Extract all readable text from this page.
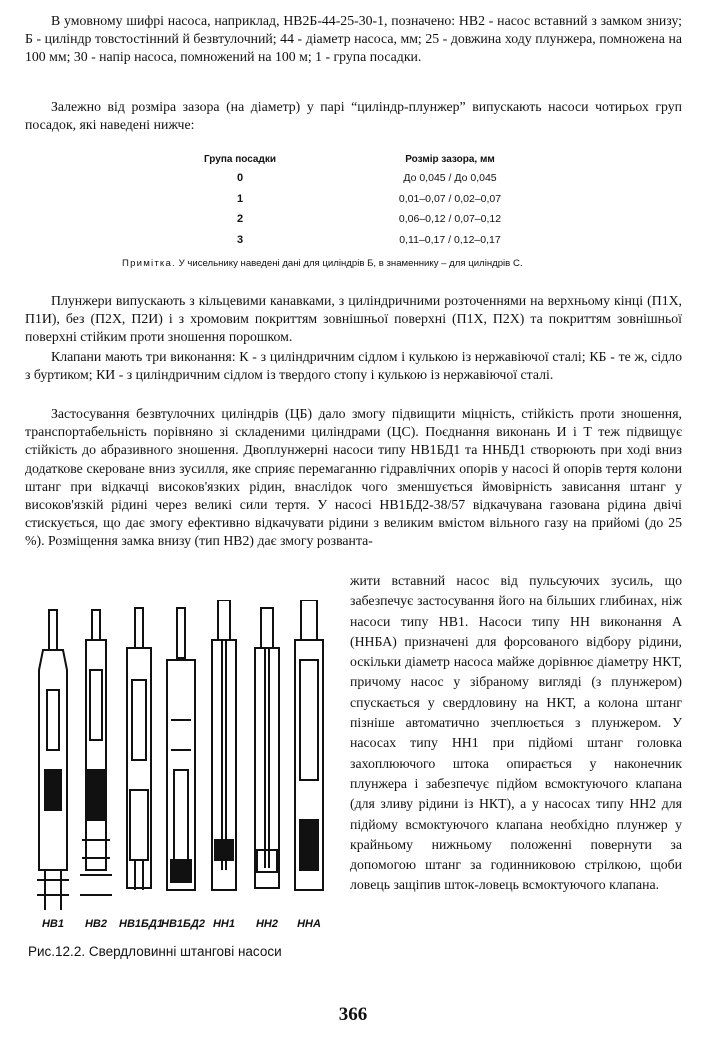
В умовному шифрі насоса, наприклад, НВ2Б-44-25-30-1, позначено: НВ2 - насос вставний з замком знизу; Б - циліндр товстостінний й безвтулочний; 44 - діаметр насоса, мм; 25 - довжина ходу плунжера, помножена на 100 мм; 30 - напір насоса, помножений на 100 м; 1 - група посадки.

Залежно від розміра зазора (на діаметр) у парі “циліндр-плунжер” випускають насоси чотирьох груп посадок, які наведені нижче:

Група посадки	Розмір зазора, мм
0	До 0,045 / До 0,045
1	0,01–0,07 / 0,02–0,07
2	0,06–0,12 / 0,07–0,12
3	0,11–0,17 / 0,12–0,17
Примітка. У чисельнику наведені дані для циліндрів Б, в знаменнику – для циліндрів С.

Плунжери випускають з кільцевими канавками, з циліндричними розточеннями на верхньому кінці (П1Х, П1И), без (П2Х, П2И) і з хромовим покриттям зовнішньої поверхні (П1Х, П2Х) та покриттям зовнішньої поверхні стійким проти зношення порошком.

Клапани мають три виконання: К - з циліндричним сідлом і кулькою із нержавіючої сталі; КБ - те ж, сідло з буртиком; КИ - з циліндричним сідлом із твердого стопу і кулькою із нержавіючої сталі.

Застосування безвтулочних циліндрів (ЦБ) дало змогу підвищити міцність, стійкість проти зношення, транспортабельність порівняно зі складеними циліндрами (ЦС). Поєднання виконань И і Т теж підвищує стійкість до абразивного зношення. Двоплунжерні насоси типу НВ1БД1 та ННБД1 створюють при ході вниз додаткове скероване вниз зусилля, яке сприяє перемаганню гідравлічних опорів у насосі й опорів тертя колони штанг при відкачці високов'язких рідин, внаслідок чого зменшується ймовірність зависання штанг у високов'язкій рідині через великі сили тертя. У насосі НВ1БД2-38/57 відкачувана газована рідина двічі стискується, що дає змогу ефективно відкачувати рідини з великим вмістом вільного газу на прийомі (до 25 %). Розміщення замка внизу (тип НВ2) дає змогу розванта-

жити вставний насос від пульсуючих зусиль, що забезпечує застосування його на більших глибинах, ніж насоси типу НВ1. Насоси типу НН виконання А (ННБА) призначені для форсованого відбору рідини, оскільки діаметр насоса майже дорівнює діаметру НКТ, причому насос у зібраному вигляді (з плунжером) спускається у свердловину на НКТ, а колона штанг пізніше автоматично зчеплюється з плунжером. У насосах типу НН1 при підйомі штанг головка захоплюючого штока опирається у наконечник плунжера і забезпечує підйом всмоктуючого клапана (для зливу рідини із НКТ), а у насосах типу НН2 для підйому всмоктуючого клапана необхідно плунжер у крайньому нижньому положенні повернути за допомогою штанг за годинниковою стрілкою, щоби ловець защіпив шток-ловець всмоктуючого клапана.

НВ1	НВ2	НВ1БД1
НВ1БД2 НН1	НН2	ННА
Рис.12.2. Свердловинні штангові насоси
366
